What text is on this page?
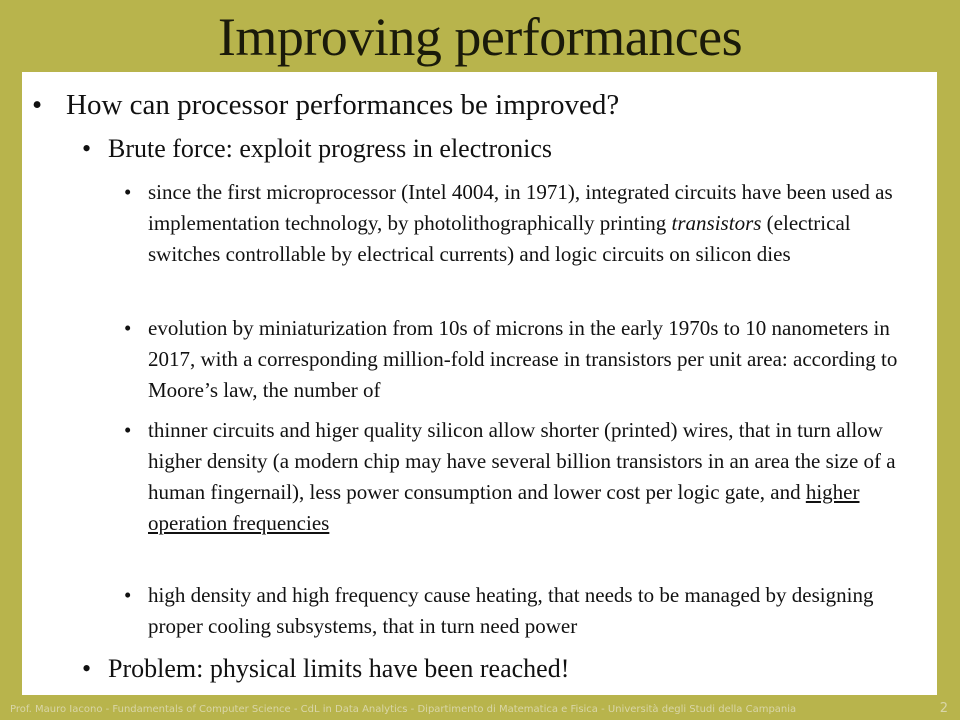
Improving performances
• How can processor performances be improved?
• Brute force: exploit progress in electronics
• since the first microprocessor (Intel 4004, in 1971), integrated circuits have been used as implementation technology, by photolithographically printing transistors (electrical switches controllable by electrical currents) and logic circuits on silicon dies
• evolution by miniaturization from 10s of microns in the early 1970s to 10 nanometers in 2017, with a corresponding million-fold increase in transistors per unit area: according to Moore’s law, the number of
• thinner circuits and higer quality silicon allow shorter (printed) wires, that in turn allow higher density (a modern chip may have several billion transistors in an area the size of a human fingernail), less power consumption and lower cost per logic gate, and higher operation frequencies
• high density and high frequency cause heating, that needs to be managed by designing proper cooling subsystems, that in turn need power
• Problem: physical limits have been reached!
Prof. Mauro Iacono - Fundamentals of Computer Science - CdL in Data Analytics - Dipartimento di Matematica e Fisica - Università degli Studi della Campania	2
